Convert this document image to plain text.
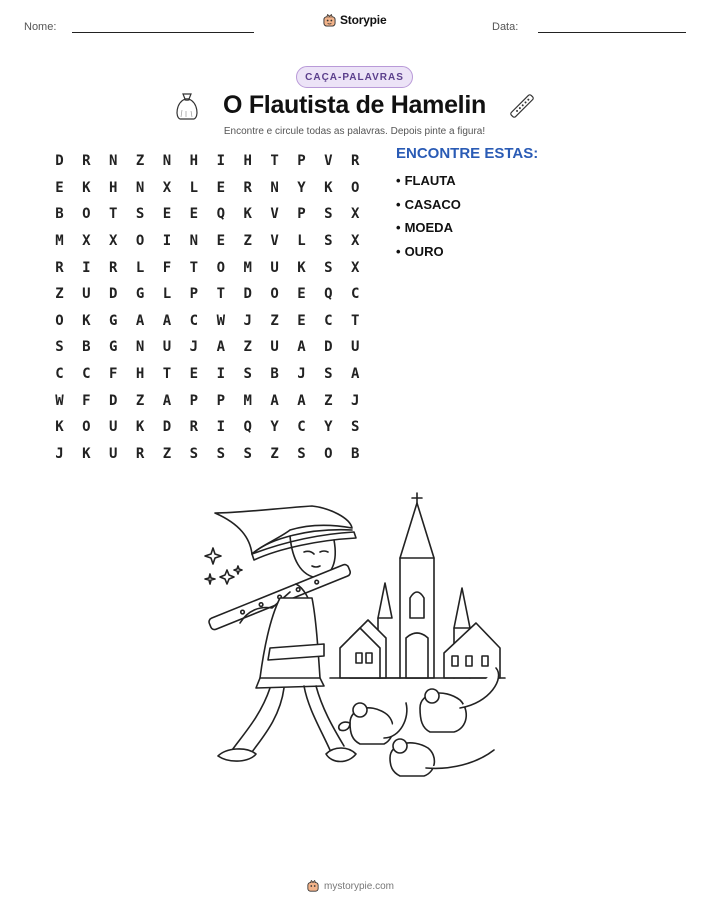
Nome:	Storypie	Data:
CAÇA-PALAVRAS
O Flautista de Hamelin
Encontre e circule todas as palavras. Depois pinte a figura!
D	R	N	Z	N	H	I	H	T	P	V	R
E	K	H	N	X	L	E	R	N	Y	K	O
B	O	T	S	E	E	Q	K	V	P	S	X
M	X	X	O	I	N	E	Z	V	L	S	X
R	I	R	L	F	T	O	M	U	K	S	X
Z	U	D	G	L	P	T	D	O	E	Q	C
O	K	G	A	A	C	W	J	Z	E	C	T
S	B	G	N	U	J	A	Z	U	A	D	U
C	C	F	H	T	E	I	S	B	J	S	A
W	F	D	Z	A	P	P	M	A	A	Z	J
K	O	U	K	D	R	I	Q	Y	C	Y	S
J	K	U	R	Z	S	S	S	Z	S	O	B
ENCONTRE ESTAS:
• FLAUTA
• CASACO
• MOEDA
• OURO
mystorypie.com
